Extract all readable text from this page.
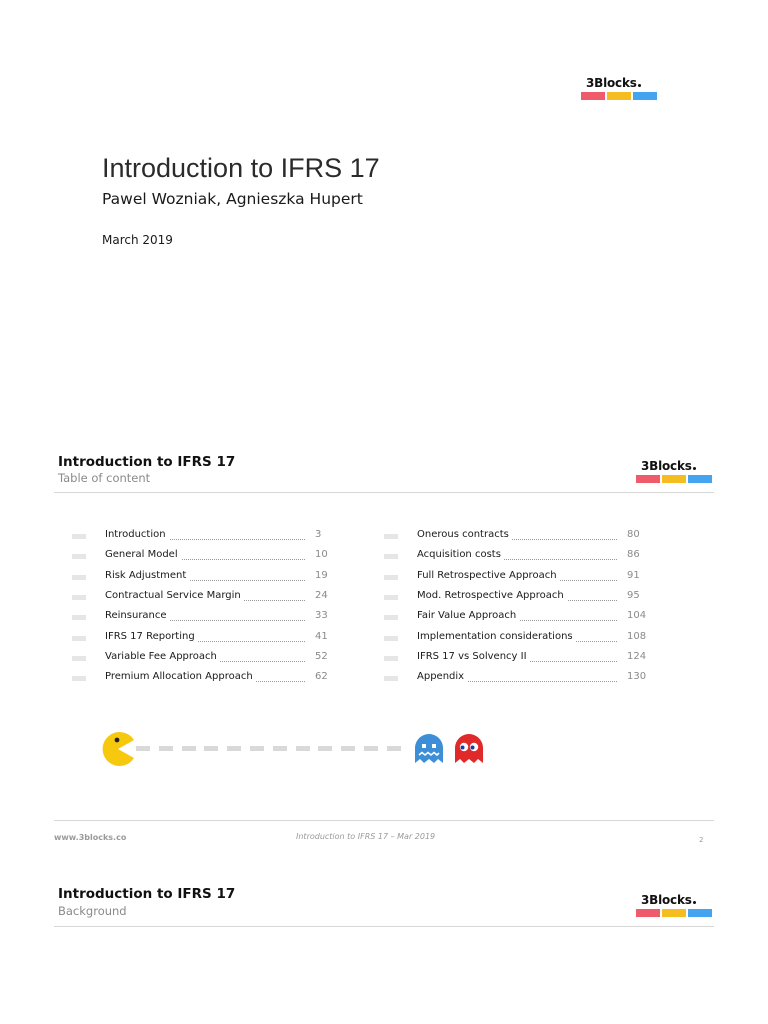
3Blocks
Introduction to IFRS 17
Pawel Wozniak, Agnieszka Hupert
March 2019
Introduction to IFRS 17
Table of content
3Blocks
Introduction	3
General Model	10
Risk Adjustment	19
Contractual Service Margin	24
Reinsurance	33
IFRS 17 Reporting	41
Variable Fee Approach	52
Premium Allocation Approach	62
Onerous contracts	80
Acquisition costs	86
Full Retrospective Approach	91
Mod. Retrospective Approach	95
Fair Value Approach	104
Implementation considerations	108
IFRS 17 vs Solvency II	124
Appendix	130
www.3blocks.co	Introduction to IFRS 17 – Mar 2019	2
Introduction to IFRS 17
Background
3Blocks
